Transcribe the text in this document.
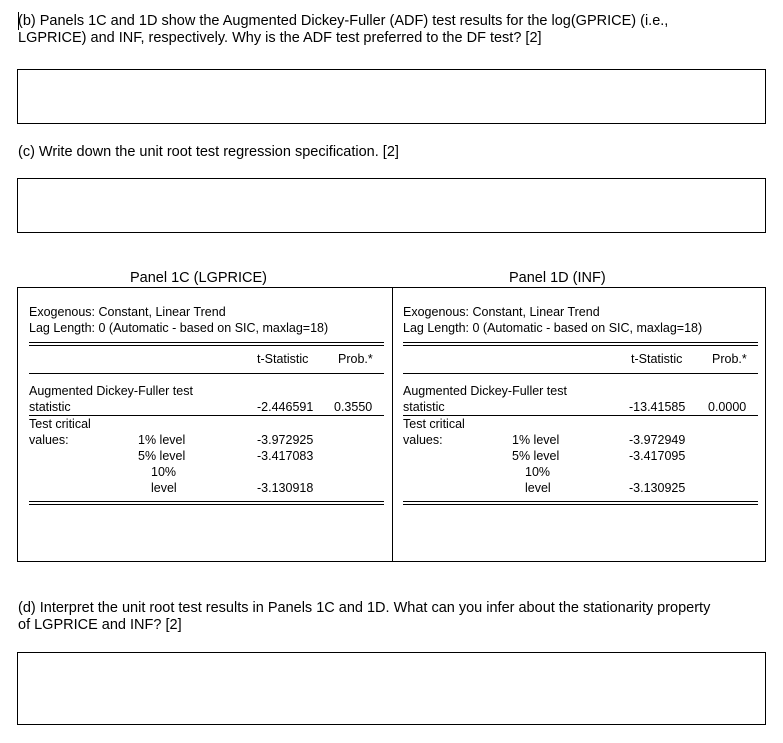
(b) Panels 1C and 1D show the Augmented Dickey-Fuller (ADF) test results for the log(GPRICE) (i.e.,
LGPRICE) and INF, respectively. Why is the ADF test preferred to the DF test? [2]
(c) Write down the unit root test regression specification. [2]
Panel 1C (LGPRICE)	Panel 1D (INF)
Exogenous: Constant, Linear Trend
Lag Length: 0 (Automatic - based on SIC, maxlag=18)
t-Statistic Prob.*
Augmented Dickey-Fuller test
statistic	-2.446591 0.3550
Test critical
values:	1% level	-3.972925
5% level	-3.417083
10%
level	-3.130918
Exogenous: Constant, Linear Trend
Lag Length: 0 (Automatic - based on SIC, maxlag=18)
t-Statistic Prob.*
Augmented Dickey-Fuller test
statistic	-13.41585 0.0000
Test critical
values:	1% level	-3.972949
5% level	-3.417095
10%
level	-3.130925
(d) Interpret the unit root test results in Panels 1C and 1D. What can you infer about the stationarity property
of LGPRICE and INF? [2]
